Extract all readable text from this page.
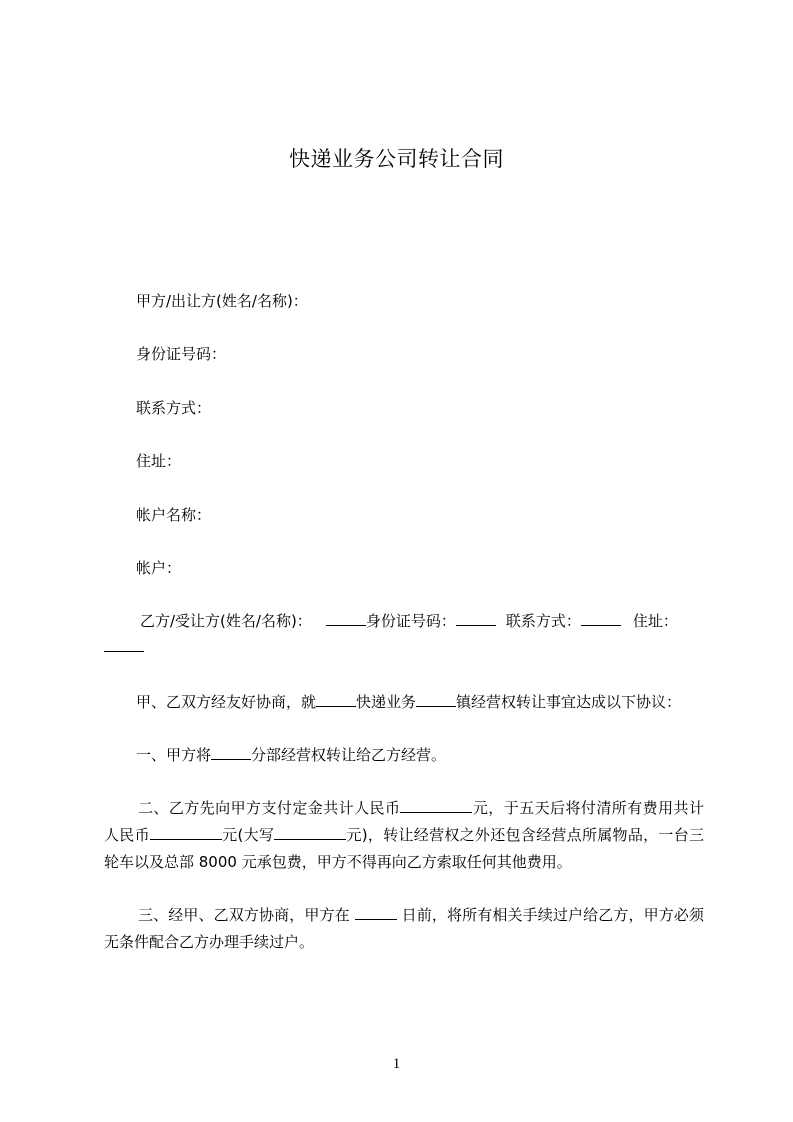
快递业务公司转让合同

甲方/出让方(姓名/名称)：

身份证号码：

联系方式：

住址：

帐户名称：

帐户：

乙方/受让方(姓名/名称)：	身份证号码：	联系方式：	住址：

甲、乙双方经友好协商，就	快递业务	镇经营权转让事宜达成以下协议：

一、甲方将	分部经营权转让给乙方经营。

二、乙方先向甲方支付定金共计人民币	元，于五天后将付清所有费用共计人民币	元(大写	元)，转让经营权之外还包含经营点所属物品，一台三轮车以及总部 8000 元承包费，甲方不得再向乙方索取任何其他费用。

三、经甲、乙双方协商，甲方在	日前，将所有相关手续过户给乙方，甲方必须无条件配合乙方办理手续过户。

1
